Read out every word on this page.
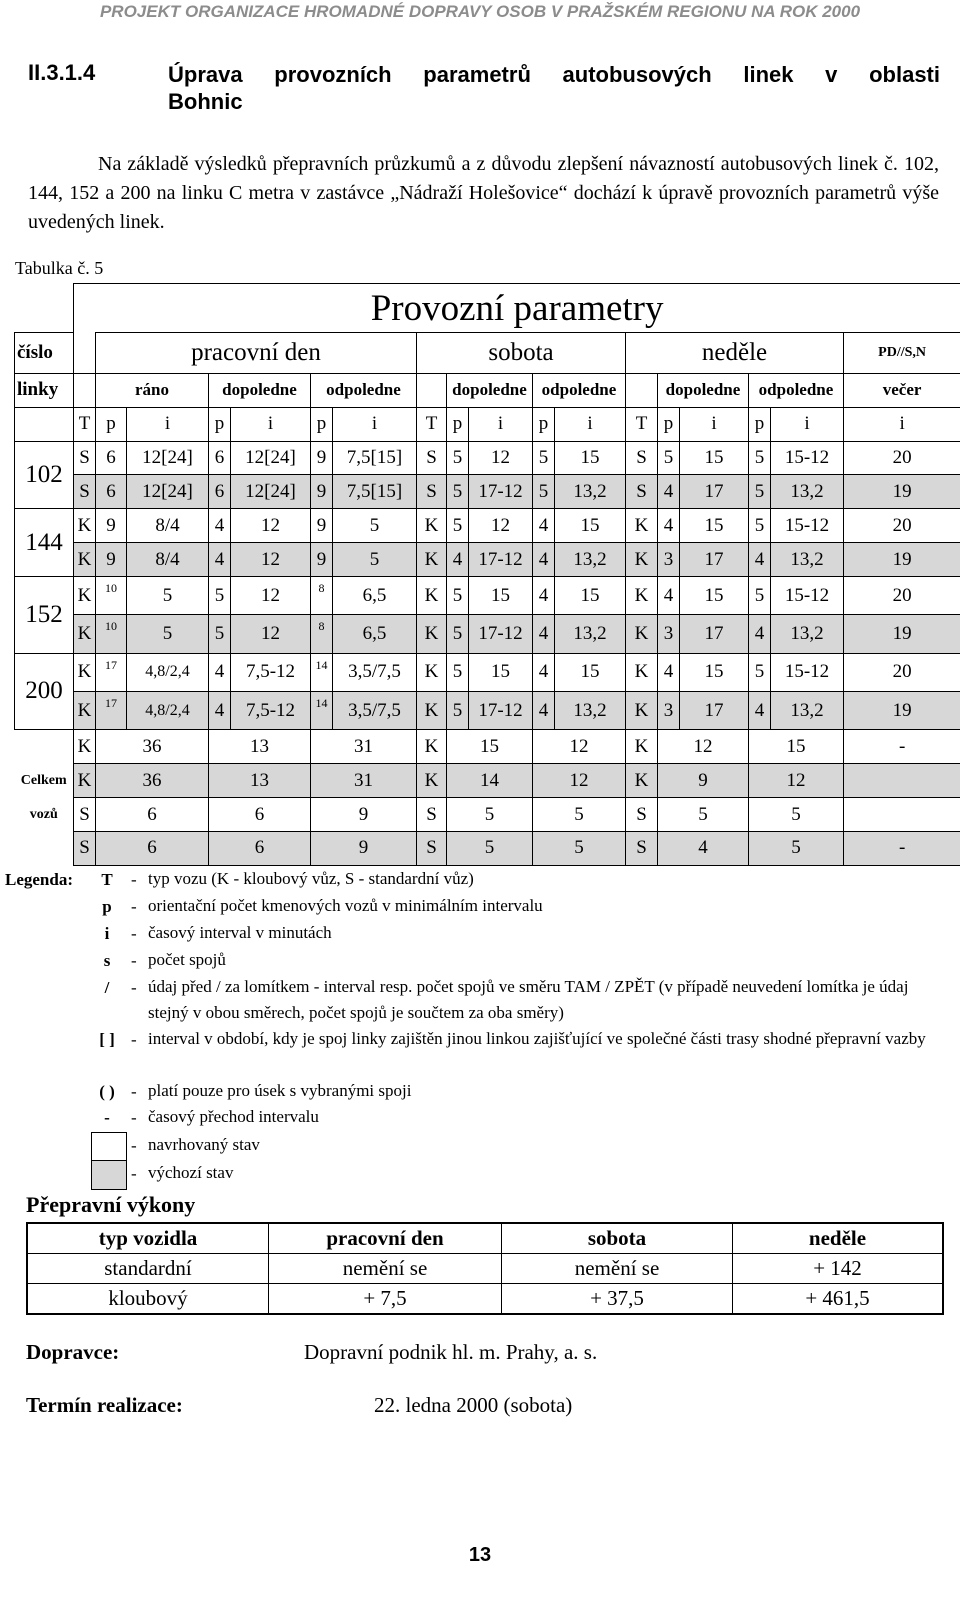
PROJEKT ORGANIZACE HROMADNÉ DOPRAVY OSOB V PRAŽSKÉM REGIONU NA ROK 2000
II.3.1.4	Úprava provozních parametrů autobusových linek v oblasti
Bohnic
Na základě výsledků přepravních průzkumů a z důvodu zlepšení návazností autobusových linek č. 102, 144, 152 a 200 na linku C metra v zastávce „Nádraží Holešovice“ dochází k úpravě provozních parametrů výše uvedených linek.
Tabulka č. 5
	Provozní parametry																	
číslo		pracovní den						sobota					neděle					PD//S,N
linky		ráno		dopoledne		odpoledne			dopoledne		odpoledne			dopoledne		odpoledne		večer
	T	p	i	p	i	p	i	T	p	i	p	i	T	p	i	p	i	i
102	S	6	12[24]	6	12[24]	9	7,5[15]	S	5	12	5	15	S	5	15	5	15-12	20
	S	6	12[24]	6	12[24]	9	7,5[15]	S	5	17-12	5	13,2	S	4	17	5	13,2	19
144	K	9	8/4	4	12	9	5	K	5	12	4	15	K	4	15	5	15-12	20
	K	9	8/4	4	12	9	5	K	4	17-12	4	13,2	K	3	17	4	13,2	19
152	K	10	5	5	12	8	6,5	K	5	15	4	15	K	4	15	5	15-12	20
	K	10	5	5	12	8	6,5	K	5	17-12	4	13,2	K	3	17	4	13,2	19
200	K	17	4,8/2,4	4	7,5-12	14	3,5/7,5	K	5	15	4	15	K	4	15	5	15-12	20
	K	17	4,8/2,4	4	7,5-12	14	3,5/7,5	K	5	17-12	4	13,2	K	3	17	4	13,2	19
	K	36		13		31		K	15		12		K	12		15		-
Celkem	K	36		13		31		K	14		12		K	9		12		
vozů	S	6		6		9		S	5		5		S	5		5		
	S	6		6		9		S	5		5		S	4		5		-
Legenda:	T	- typ vozu (K - kloubový vůz, S - standardní vůz)
p	- orientační počet kmenových vozů v minimálním intervalu
i	- časový interval v minutách
s	- počet spojů
/	- údaj před / za lomítkem - interval resp. počet spojů ve směru TAM / ZPĚT (v případě neuvedení lomítka je údaj stejný v obou směrech, počet spojů je součtem za oba směry)
[ ] - interval v období, kdy je spoj linky zajištěn jinou linkou zajišťující ve společné části trasy shodné přepravní vazby
( ) - platí pouze pro úsek s vybranými spoji
-	- časový přechod intervalu
- navrhovaný stav
- výchozí stav
Přepravní výkony
typ vozidla	pracovní den	sobota	neděle
standardní	nemění se	nemění se	+ 142
kloubový	+ 7,5	+ 37,5	+ 461,5
Dopravce:	Dopravní podnik hl. m. Prahy, a. s.
Termín realizace:	22. ledna 2000 (sobota)
13
